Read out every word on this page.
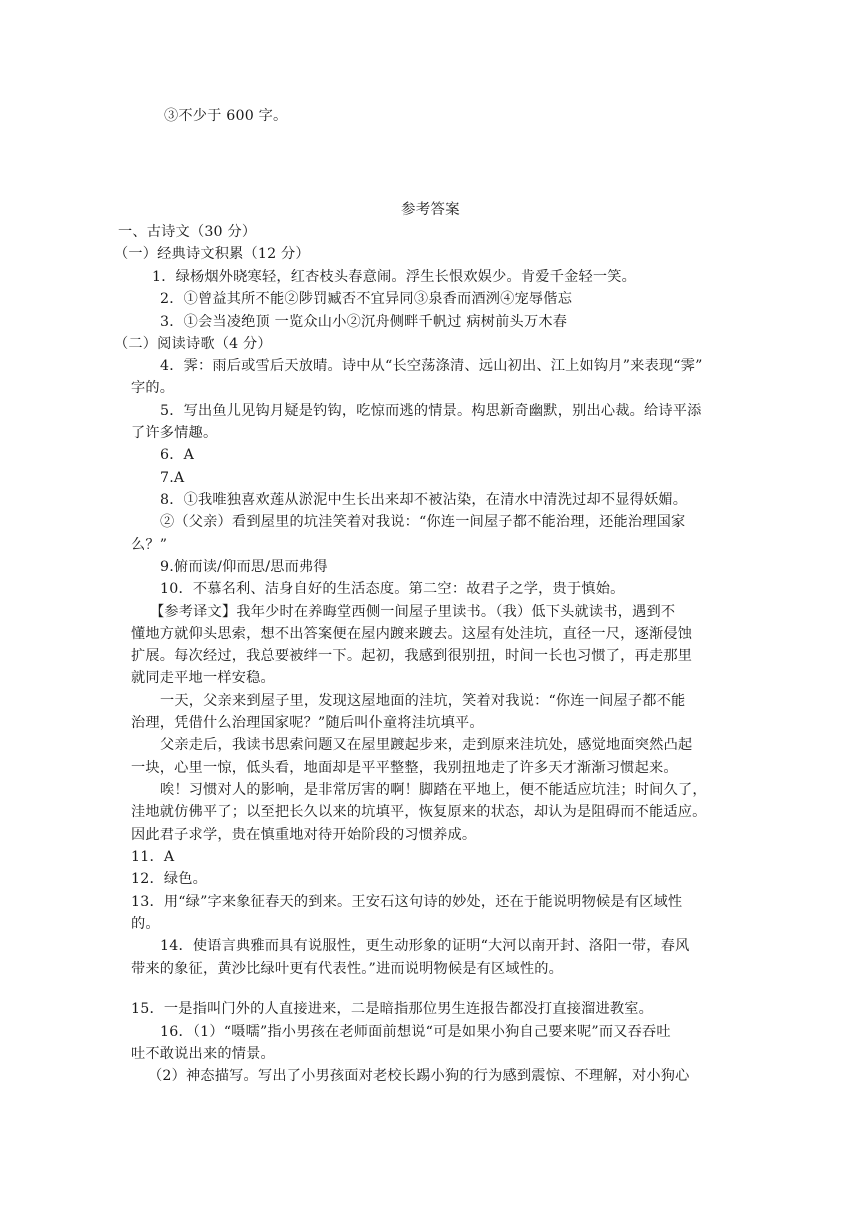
③不少于 600 字。
参考答案
一、古诗文（30 分）
（一）经典诗文积累（12 分）
1．绿杨烟外晓寒轻，红杏枝头春意闹。浮生长恨欢娱少。肯爱千金轻一笑。
2．①曾益其所不能②陟罚臧否不宜异同③泉香而酒洌④宠辱偕忘
3．①会当凌绝顶 一览众山小②沉舟侧畔千帆过 病树前头万木春
（二）阅读诗歌（4 分）
4．霁：雨后或雪后天放晴。诗中从“长空荡涤清、远山初出、江上如钩月”来表现“霁”
字的。
5．写出鱼儿见钩月疑是钓钩，吃惊而逃的情景。构思新奇幽默，别出心裁。给诗平添
了许多情趣。
6．A
7.A
8．①我唯独喜欢莲从淤泥中生长出来却不被沾染，在清水中清洗过却不显得妖媚。
②（父亲）看到屋里的坑洼笑着对我说：“你连一间屋子都不能治理，还能治理国家
么？”
9.俯而读/仰而思/思而弗得
10．不慕名利、洁身自好的生活态度。第二空：故君子之学，贵于慎始。
【参考译文】我年少时在养晦堂西侧一间屋子里读书。（我）低下头就读书，遇到不
懂地方就仰头思索，想不出答案便在屋内踱来踱去。这屋有处洼坑，直径一尺，逐渐侵蚀
扩展。每次经过，我总要被绊一下。起初，我感到很别扭，时间一长也习惯了，再走那里
就同走平地一样安稳。
一天，父亲来到屋子里，发现这屋地面的洼坑，笑着对我说：“你连一间屋子都不能
治理，凭借什么治理国家呢？”随后叫仆童将洼坑填平。
父亲走后，我读书思索问题又在屋里踱起步来，走到原来洼坑处，感觉地面突然凸起
一块，心里一惊，低头看，地面却是平平整整，我别扭地走了许多天才渐渐习惯起来。
唉！习惯对人的影响，是非常厉害的啊！脚踏在平地上，便不能适应坑洼；时间久了，
洼地就仿佛平了；以至把长久以来的坑填平，恢复原来的状态，却认为是阻碍而不能适应。
因此君子求学，贵在慎重地对待开始阶段的习惯养成。
11．A
12．绿色。
13．用“绿”字来象征春天的到来。王安石这句诗的妙处，还在于能说明物候是有区域性
的。
14．使语言典雅而具有说服性，更生动形象的证明“大河以南开封、洛阳一带，春风
带来的象征，黄沙比绿叶更有代表性。”进而说明物候是有区域性的。
15．一是指叫门外的人直接进来，二是暗指那位男生连报告都没打直接溜进教室。
16．（1）“嗫嚅”指小男孩在老师面前想说“可是如果小狗自己要来呢”而又吞吞吐
吐不敢说出来的情景。
（2）神态描写。写出了小男孩面对老校长踢小狗的行为感到震惊、不理解，对小狗心
